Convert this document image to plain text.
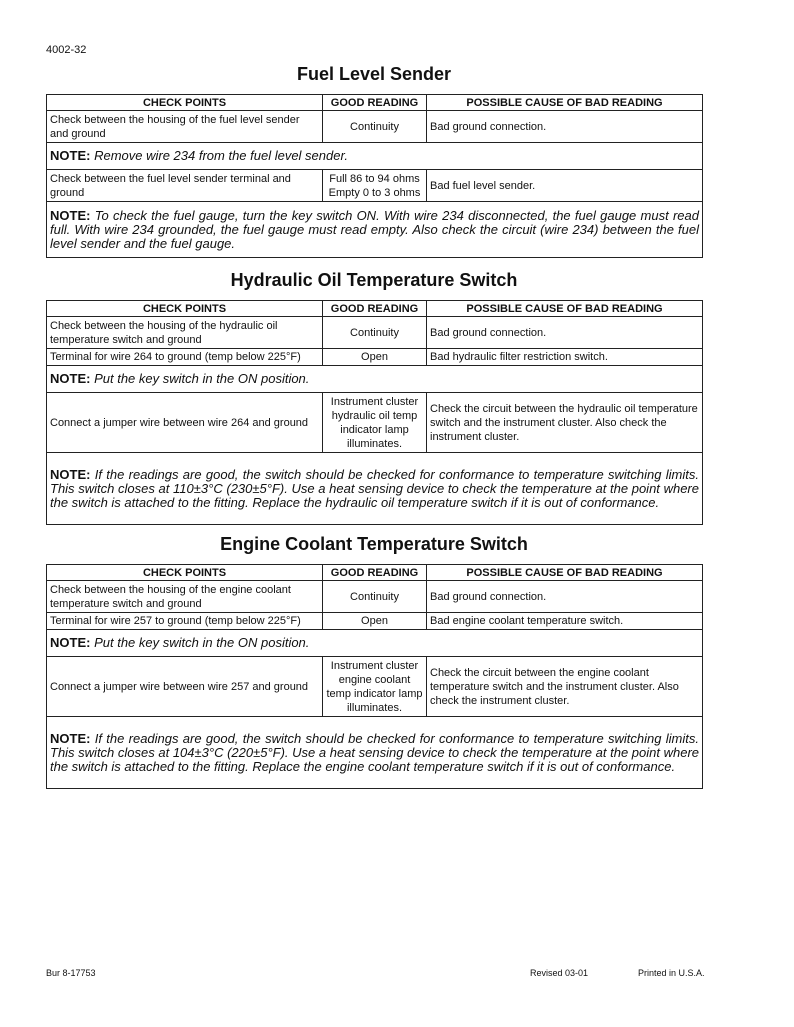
4002-32
Fuel Level Sender
CHECK POINTS	GOOD READING	POSSIBLE CAUSE OF BAD READING
Check between the housing of the fuel level sender and ground	Continuity	Bad ground connection.
NOTE: Remove wire 234 from the fuel level sender.		
Check between the fuel level sender terminal and ground	Full 86 to 94 ohms Empty 0 to 3 ohms	Bad fuel level sender.
NOTE: To check the fuel gauge, turn the key switch ON. With wire 234 disconnected, the fuel gauge must read full. With wire 234 grounded, the fuel gauge must read empty. Also check the circuit (wire 234) between the fuel level sender and the fuel gauge.		
Hydraulic Oil Temperature Switch
CHECK POINTS	GOOD READING	POSSIBLE CAUSE OF BAD READING
Check between the housing of the hydraulic oil temperature switch and ground	Continuity	Bad ground connection.
Terminal for wire 264 to ground (temp below 225°F)	Open	Bad hydraulic filter restriction switch.
NOTE: Put the key switch in the ON position.		
Connect a jumper wire between wire 264 and ground	Instrument cluster hydraulic oil temp indicator lamp illuminates.	Check the circuit between the hydraulic oil temperature switch and the instrument cluster. Also check the instrument cluster.
NOTE: If the readings are good, the switch should be checked for conformance to temperature switching limits. This switch closes at 110±3°C (230±5°F). Use a heat sensing device to check the temperature at the point where the switch is attached to the fitting. Replace the hydraulic oil temperature switch if it is out of conformance.		
Engine Coolant Temperature Switch
CHECK POINTS	GOOD READING	POSSIBLE CAUSE OF BAD READING
Check between the housing of the engine coolant temperature switch and ground	Continuity	Bad ground connection.
Terminal for wire 257 to ground (temp below 225°F)	Open	Bad engine coolant temperature switch.
NOTE: Put the key switch in the ON position.		
Connect a jumper wire between wire 257 and ground	Instrument cluster engine coolant temp indicator lamp illuminates.	Check the circuit between the engine coolant temperature switch and the instrument cluster. Also check the instrument cluster.
NOTE: If the readings are good, the switch should be checked for conformance to temperature switching limits. This switch closes at 104±3°C (220±5°F). Use a heat sensing device to check the temperature at the point where the switch is attached to the fitting. Replace the engine coolant temperature switch if it is out of conformance.		
Bur 8-17753	Revised 03-01	Printed in U.S.A.
